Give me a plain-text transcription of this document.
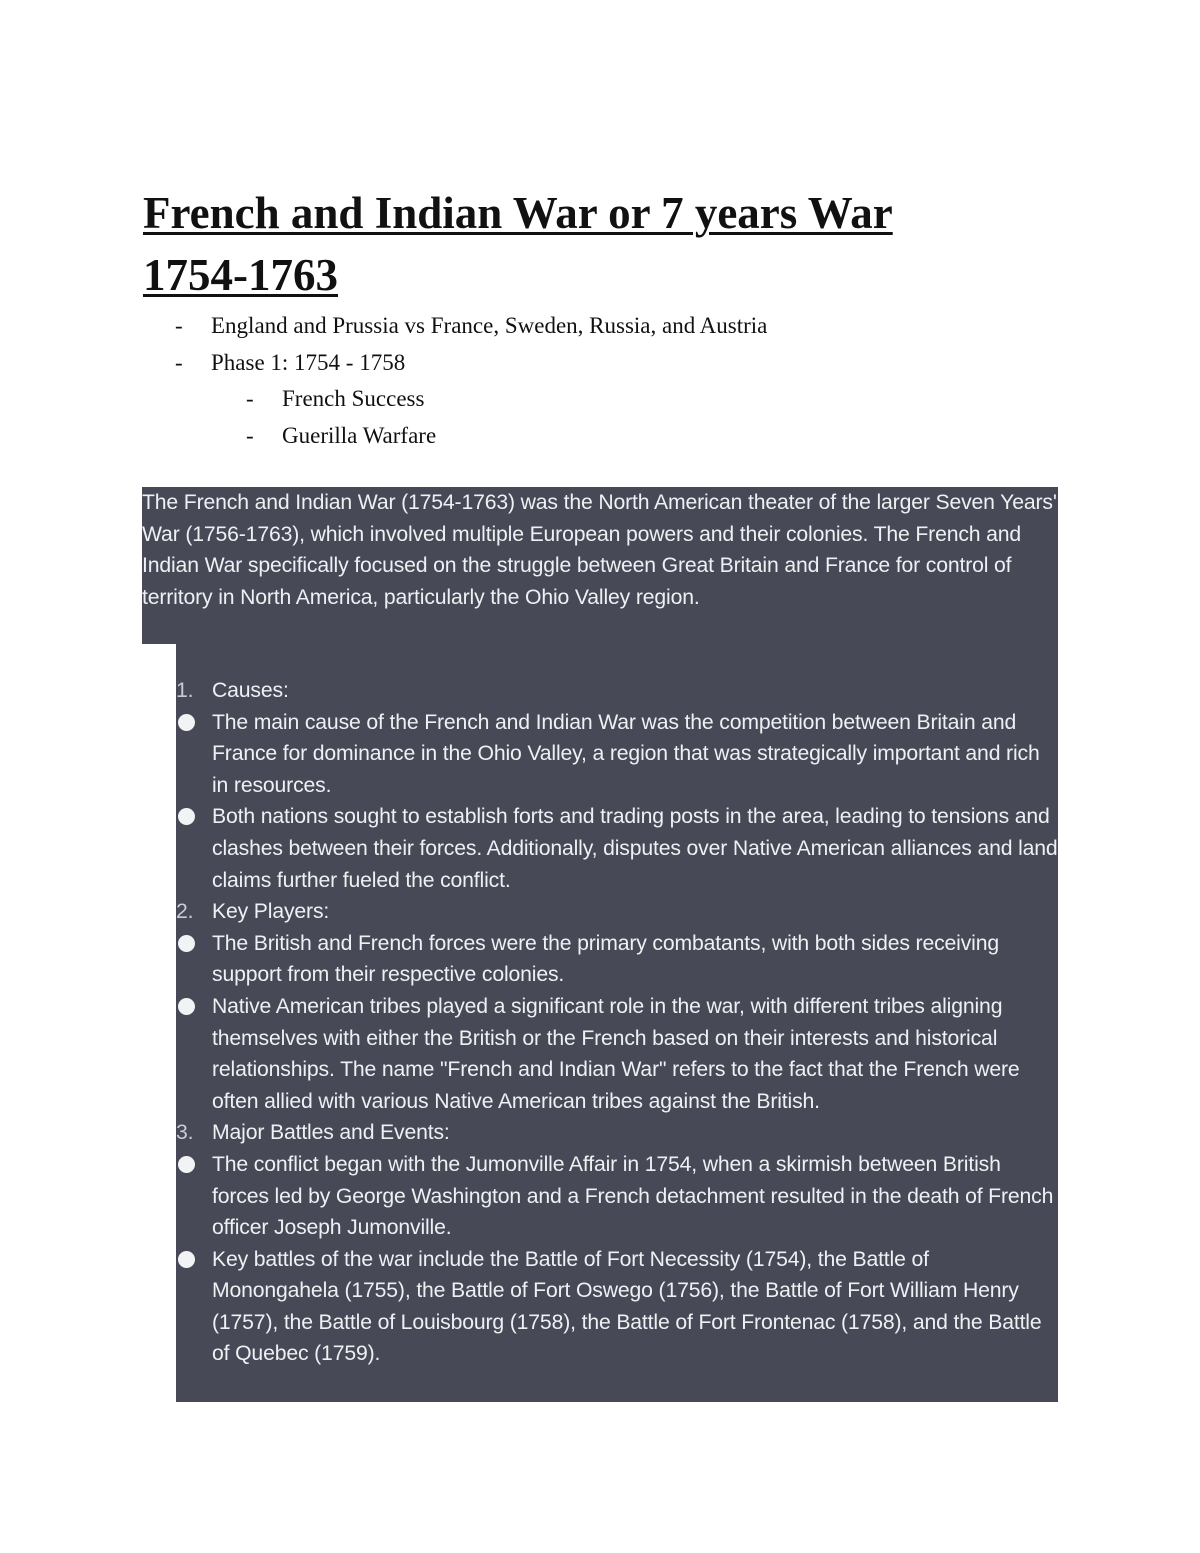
French and Indian War or 7 years War
1754-1763
- England and Prussia vs France, Sweden, Russia, and Austria
- Phase 1: 1754 - 1758
- French Success
- Guerilla Warfare

The French and Indian War (1754-1763) was the North American theater of the larger Seven Years' War (1756-1763), which involved multiple European powers and their colonies. The French and Indian War specifically focused on the struggle between Great Britain and France for control of territory in North America, particularly the Ohio Valley region.

1. Causes:
The main cause of the French and Indian War was the competition between Britain and France for dominance in the Ohio Valley, a region that was strategically important and rich in resources.
Both nations sought to establish forts and trading posts in the area, leading to tensions and clashes between their forces. Additionally, disputes over Native American alliances and land claims further fueled the conflict.
2. Key Players:
The British and French forces were the primary combatants, with both sides receiving support from their respective colonies.
Native American tribes played a significant role in the war, with different tribes aligning themselves with either the British or the French based on their interests and historical relationships. The name "French and Indian War" refers to the fact that the French were often allied with various Native American tribes against the British.
3. Major Battles and Events:
The conflict began with the Jumonville Affair in 1754, when a skirmish between British forces led by George Washington and a French detachment resulted in the death of French officer Joseph Jumonville.
Key battles of the war include the Battle of Fort Necessity (1754), the Battle of Monongahela (1755), the Battle of Fort Oswego (1756), the Battle of Fort William Henry (1757), the Battle of Louisbourg (1758), the Battle of Fort Frontenac (1758), and the Battle of Quebec (1759).
